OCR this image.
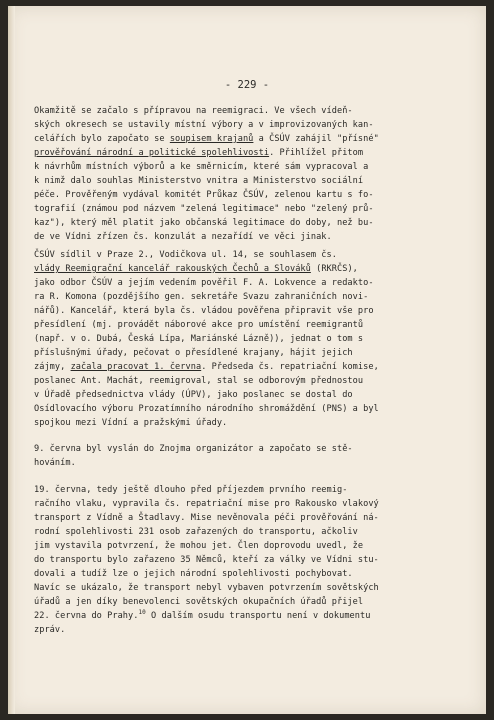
- 229 -
Okamžitě se začalo s přípravou na reemigraci. Ve všech vídeň-
ských okresech se ustavily místní výbory a v improvizovaných kan-
celářích bylo započato se soupisem krajanů a ČSÚV zahájil "přísné"
prověřování národní a politické spolehlivosti. Přihlížel přitom
k návrhům místních výborů a ke směrnicím, které sám vypracoval a
k nimž dalo souhlas Ministerstvo vnitra a Ministerstvo sociální
péče. Prověřeným vydával komitét Průkaz ČSÚV, zelenou kartu s fo-
tografií (známou pod názvem "zelená legitimace" nebo "zelený prů-
kaz"), který měl platit jako občanská legitimace do doby, než bu-
de ve Vídni zřízen čs. konzulát a nezařídí ve věci jinak.
ČSÚV sídlil v Praze 2., Vodičkova ul. 14, se souhlasem čs.
vlády Reemigrační kancelář rakouských Čechů a Slováků (RKRČS),
jako odbor ČSÚV a jejím vedením pověřil F. A. Lokvence a redakto-
ra R. Komona (pozdějšího gen. sekretáře Svazu zahraničních novi-
nářů). Kancelář, která byla čs. vládou pověřena připravit vše pro
přesídlení (mj. provádět náborové akce pro umístění reemigrantů
(např. v o. Dubá, Česká Lípa, Mariánské Lázně)), jednat o tom s
příslušnými úřady, pečovat o přesídlené krajany, hájit jejich
zájmy, začala pracovat 1. června. Předseda čs. repatriační komise,
poslanec Ant. Machát, reemigroval, stal se odborovým přednostou
v Úřadě předsednictva vlády (ÚPV), jako poslanec se dostal do
Osídlovacího výboru Prozatímního národního shromáždění (PNS) a byl
spojkou mezi Vídní a pražskými úřady.
9. června byl vyslán do Znojma organizátor a započato se stě-
hováním.
19. června, tedy ještě dlouho před příjezdem prvního reemig-
račního vlaku, vypravila čs. repatriační mise pro Rakousko vlakový
transport z Vídně a Štadlavy. Mise nevěnovala péči prověřování ná-
rodní spolehlivosti 231 osob zařazených do transportu, ačkoliv
jim vystavila potvrzení, že mohou jet. Člen doprovodu uvedl, že
do transportu bylo zařazeno 35 Němců, kteří za války ve Vídni stu-
dovali a tudíž lze o jejich národní spolehlivosti pochybovat.
Navíc se ukázalo, že transport nebyl vybaven potvrzením sovětských
úřadů a jen díky benevolenci sovětských okupačních úřadů přijel
22. června do Prahy.$^{10}$ O dalším osudu transportu není v dokumentu
zpráv.
